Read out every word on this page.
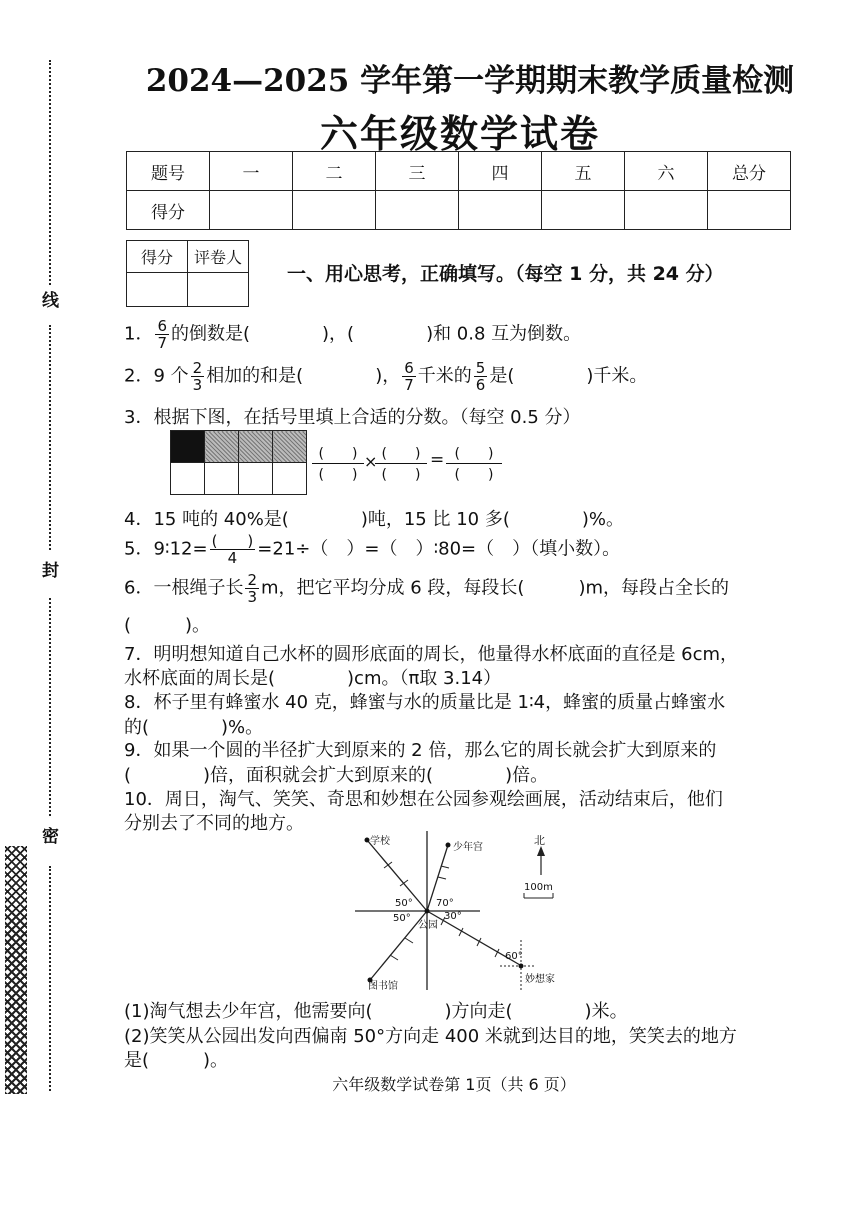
线
封
密
2024—2025 学年第一学期期末教学质量检测
六年级数学试卷
题号	一	二	三	四	五	六	总分
得分							
得分	评卷人

一、用心思考，正确填写。（每空 1 分，共 24 分）
1． $\frac{6}{7}$ 的倒数是(　　　　)，(　　　　)和 0.8 互为倒数。
2．9 个 $\frac{2}{3}$ 相加的和是(　　　　)， $\frac{6}{7}$ 千米的 $\frac{5}{6}$ 是(　　　　)千米。
3．根据下图，在括号里填上合适的分数。（每空 0.5 分）

(　　)
(　　)
× (　　)
(　　)
= (　　)
(　　)
4．15 吨的 40%是(　　　　)吨，15 比 10 多(　　　　)%。
5．9∶12= $\frac{( )}{4} =21\div$（　）=（　）∶80=（　）（填小数）。
6．一根绳子长 $\frac{2}{3}$ m，把它平均分成 6 段，每段长(　　　)m，每段占全长的
(　　　)。
7．明明想知道自己水杯的圆形底面的周长，他量得水杯底面的直径是 6cm，
水杯底面的周长是(　　　　)cm。（π取 3.14）
8．杯子里有蜂蜜水 40 克，蜂蜜与水的质量比是 1∶4，蜂蜜的质量占蜂蜜水
的(　　　　)%。
9．如果一个圆的半径扩大到原来的 2 倍，那么它的周长就会扩大到原来的
(　　　　)倍，面积就会扩大到原来的(　　　　)倍。
10．周日，淘气、笑笑、奇思和妙想在公园参观绘画展，活动结束后，他们
分别去了不同的地方。
学校
少年宫
公园
图书馆
妙想家
北
100m
50°
50°
70°
30°
60°
(1)淘气想去少年宫，他需要向(　　　　)方向走(　　　　)米。
(2)笑笑从公园出发向西偏南 50°方向走 400 米就到达目的地，笑笑去的地方
是(　　　)。
六年级数学试卷第 1页（共 6 页）
